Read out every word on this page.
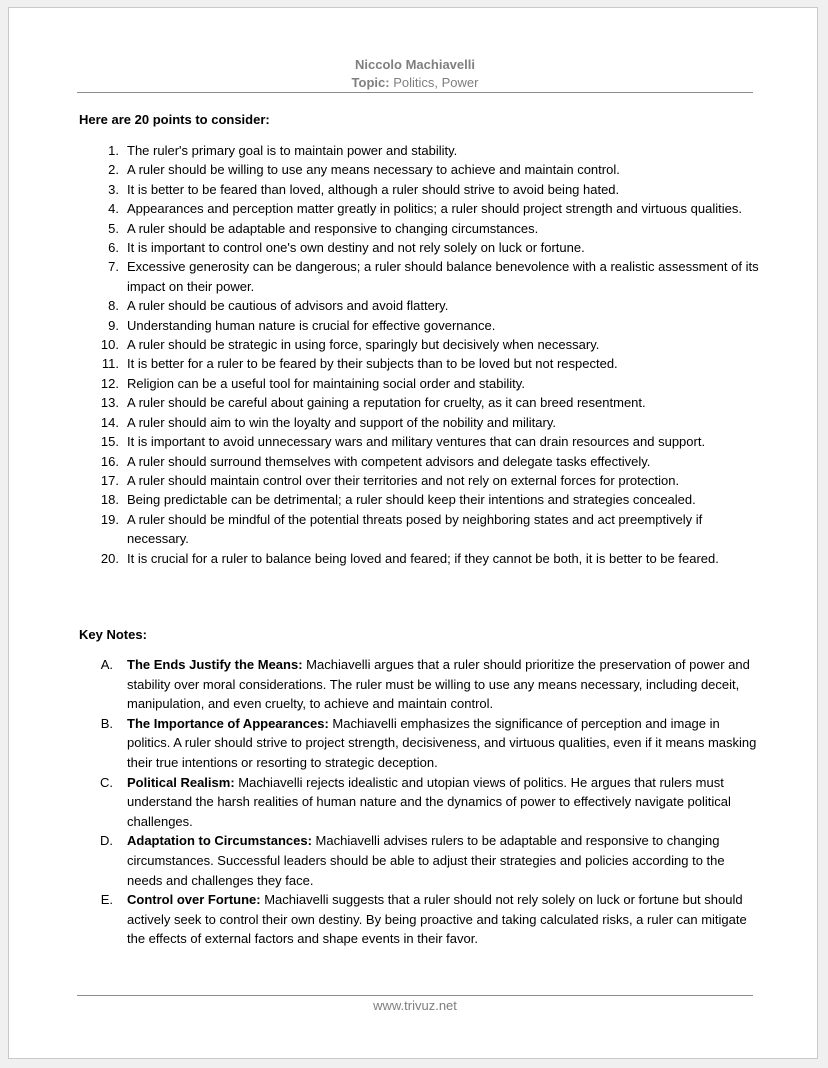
Niccolo Machiavelli
Topic: Politics, Power
Here are 20 points to consider:
1. The ruler's primary goal is to maintain power and stability.
2. A ruler should be willing to use any means necessary to achieve and maintain control.
3. It is better to be feared than loved, although a ruler should strive to avoid being hated.
4. Appearances and perception matter greatly in politics; a ruler should project strength and virtuous qualities.
5. A ruler should be adaptable and responsive to changing circumstances.
6. It is important to control one's own destiny and not rely solely on luck or fortune.
7. Excessive generosity can be dangerous; a ruler should balance benevolence with a realistic assessment of its impact on their power.
8. A ruler should be cautious of advisors and avoid flattery.
9. Understanding human nature is crucial for effective governance.
10. A ruler should be strategic in using force, sparingly but decisively when necessary.
11. It is better for a ruler to be feared by their subjects than to be loved but not respected.
12. Religion can be a useful tool for maintaining social order and stability.
13. A ruler should be careful about gaining a reputation for cruelty, as it can breed resentment.
14. A ruler should aim to win the loyalty and support of the nobility and military.
15. It is important to avoid unnecessary wars and military ventures that can drain resources and support.
16. A ruler should surround themselves with competent advisors and delegate tasks effectively.
17. A ruler should maintain control over their territories and not rely on external forces for protection.
18. Being predictable can be detrimental; a ruler should keep their intentions and strategies concealed.
19. A ruler should be mindful of the potential threats posed by neighboring states and act preemptively if necessary.
20. It is crucial for a ruler to balance being loved and feared; if they cannot be both, it is better to be feared.
Key Notes:
A. The Ends Justify the Means: Machiavelli argues that a ruler should prioritize the preservation of power and stability over moral considerations. The ruler must be willing to use any means necessary, including deceit, manipulation, and even cruelty, to achieve and maintain control.
B. The Importance of Appearances: Machiavelli emphasizes the significance of perception and image in politics. A ruler should strive to project strength, decisiveness, and virtuous qualities, even if it means masking their true intentions or resorting to strategic deception.
C. Political Realism: Machiavelli rejects idealistic and utopian views of politics. He argues that rulers must understand the harsh realities of human nature and the dynamics of power to effectively navigate political challenges.
D. Adaptation to Circumstances: Machiavelli advises rulers to be adaptable and responsive to changing circumstances. Successful leaders should be able to adjust their strategies and policies according to the needs and challenges they face.
E. Control over Fortune: Machiavelli suggests that a ruler should not rely solely on luck or fortune but should actively seek to control their own destiny. By being proactive and taking calculated risks, a ruler can mitigate the effects of external factors and shape events in their favor.
www.trivuz.net
